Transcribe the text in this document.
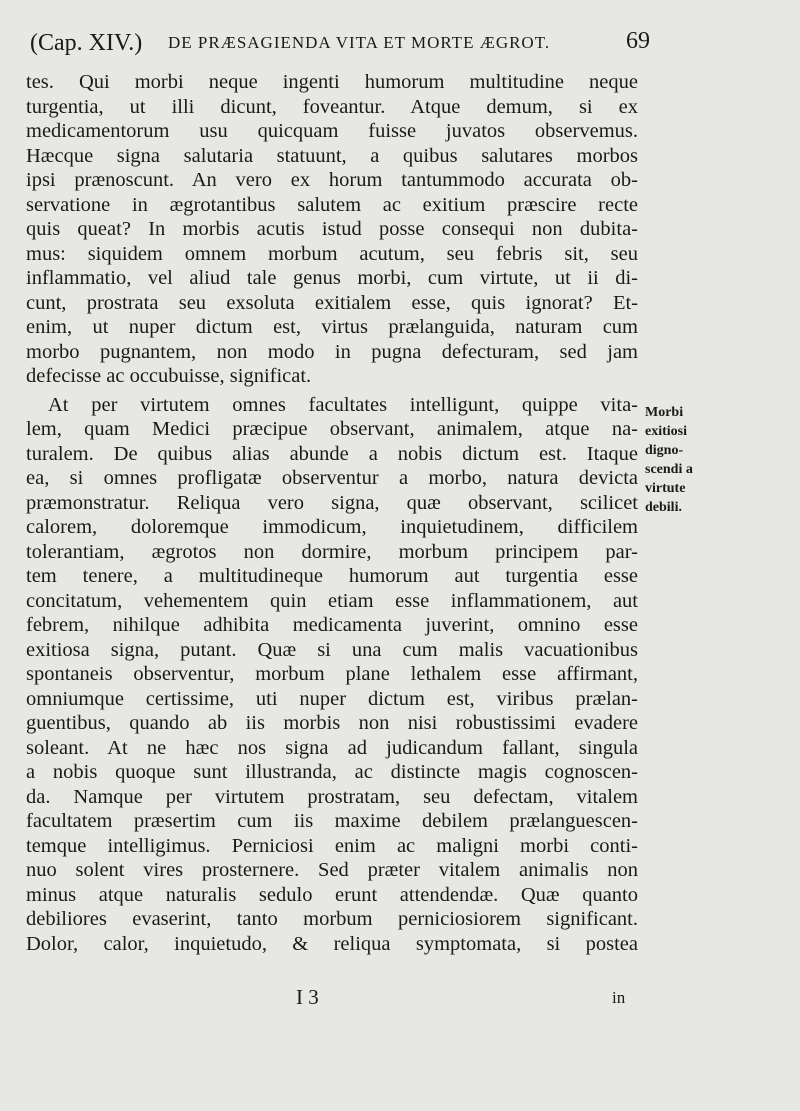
(Cap. XIV.) DE PRÆSAGIENDA VITA ET MORTE ÆGROT.	69
tes. Qui morbi neque ingenti humorum multitudine neque
turgentia, ut illi dicunt, foveantur. Atque demum, si ex
medicamentorum usu quicquam fuisse juvatos observemus.
Hæcque signa salutaria statuunt, a quibus salutares morbos
ipsi prænoscunt. An vero ex horum tantummodo accurata ob-
servatione in ægrotantibus salutem ac exitium præscire recte
quis queat? In morbis acutis istud posse consequi non dubita-
mus: siquidem omnem morbum acutum, seu febris sit, seu
inflammatio, vel aliud tale genus morbi, cum virtute, ut ii di-
cunt, prostrata seu exsoluta exitialem esse, quis ignorat? Et-
enim, ut nuper dictum est, virtus prælanguida, naturam cum
morbo pugnantem, non modo in pugna defecturam, sed jam
defecisse ac occubuisse, significat.
At per virtutem omnes facultates intelligunt, quippe vita-
lem, quam Medici præcipue observant, animalem, atque na-
turalem. De quibus alias abunde a nobis dictum est. Itaque
ea, si omnes profligatæ observentur a morbo, natura devicta
præmonstratur. Reliqua vero signa, quæ observant, scilicet
calorem, doloremque immodicum, inquietudinem, difficilem
tolerantiam, ægrotos non dormire, morbum principem par-
tem tenere, a multitudineque humorum aut turgentia esse
concitatum, vehementem quin etiam esse inflammationem, aut
febrem, nihilque adhibita medicamenta juverint, omnino esse
exitiosa signa, putant. Quæ si una cum malis vacuationibus
spontaneis observentur, morbum plane lethalem esse affirmant,
omniumque certissime, uti nuper dictum est, viribus prælan-
guentibus, quando ab iis morbis non nisi robustissimi evadere
soleant. At ne hæc nos signa ad judicandum fallant, singula
a nobis quoque sunt illustranda, ac distincte magis cognoscen-
da. Namque per virtutem prostratam, seu defectam, vitalem
facultatem præsertim cum iis maxime debilem prælanguescen-
temque intelligimus. Perniciosi enim ac maligni morbi conti-
nuo solent vires prosternere. Sed præter vitalem animalis non
minus atque naturalis sedulo erunt attendendæ. Quæ quanto
debiliores evaserint, tanto morbum perniciosiorem significant.
Dolor, calor, inquietudo, & reliqua symptomata, si postea
Morbi
exitiosi
digno-
scendi a
virtute
debili.
I 3	in
